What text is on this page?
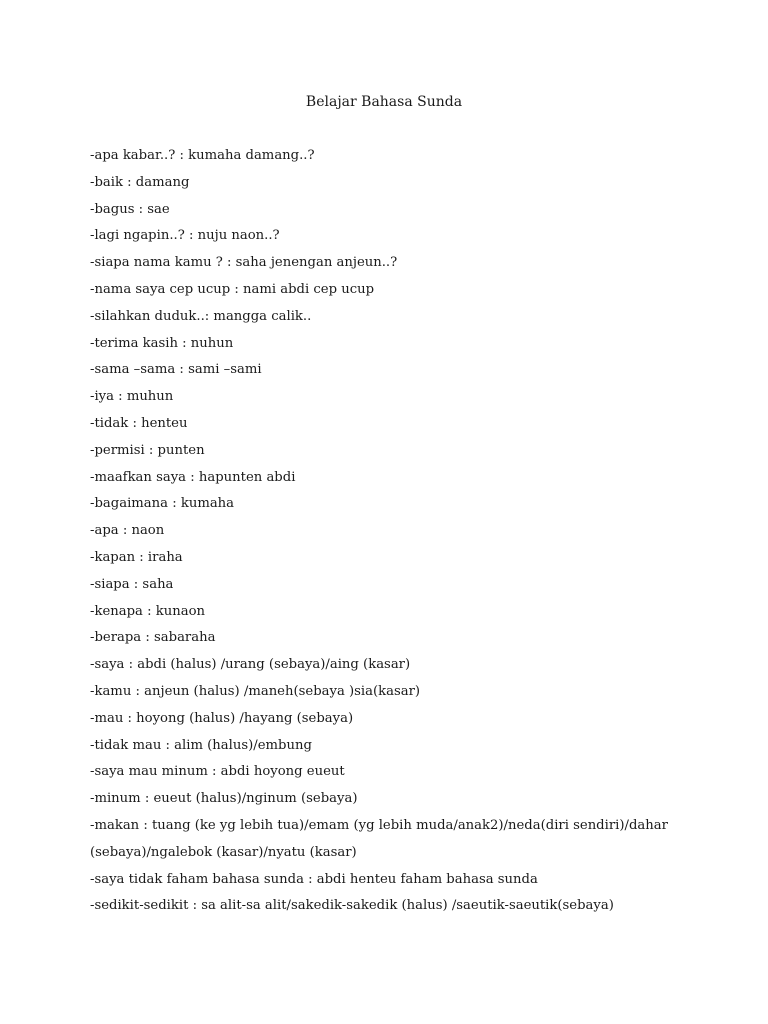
Belajar Bahasa Sunda
-apa kabar..? : kumaha damang..?
-baik : damang
-bagus : sae
-lagi ngapin..? : nuju naon..?
-siapa nama kamu ? : saha jenengan anjeun..?
-nama saya cep ucup : nami abdi cep ucup
-silahkan duduk..: mangga calik..
-terima kasih : nuhun
-sama –sama : sami –sami
-iya : muhun
-tidak : henteu
-permisi : punten
-maafkan saya : hapunten abdi
-bagaimana : kumaha
-apa : naon
-kapan : iraha
-siapa : saha
-kenapa : kunaon
-berapa : sabaraha
-saya : abdi (halus) /urang (sebaya)/aing (kasar)
-kamu : anjeun (halus) /maneh(sebaya )sia(kasar)
-mau : hoyong (halus) /hayang (sebaya)
-tidak mau : alim (halus)/embung
-saya mau minum : abdi hoyong eueut
-minum : eueut (halus)/nginum (sebaya)
-makan : tuang (ke yg lebih tua)/emam (yg lebih muda/anak2)/neda(diri sendiri)/dahar
(sebaya)/ngalebok (kasar)/nyatu (kasar)
-saya tidak faham bahasa sunda : abdi henteu faham bahasa sunda
-sedikit-sedikit : sa alit-sa alit/sakedik-sakedik (halus) /saeutik-saeutik(sebaya)
